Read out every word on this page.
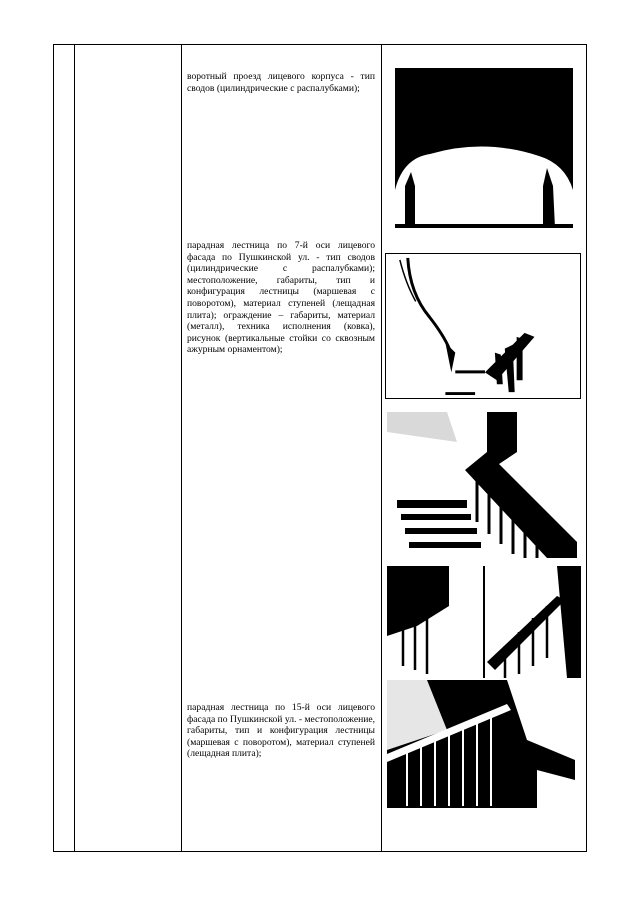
воротный проезд лицевого корпуса - тип сводов (цилиндрические с распалубками);

парадная лестница по 7-й оси лицевого фасада по Пушкинской ул. - тип сводов (цилиндрические с распалубками); местоположение, габариты, тип и конфигурация лестницы (маршевая с поворотом), материал ступеней (лещадная плита); ограждение – габариты, материал (металл), техника исполнения (ковка), рисунок (вертикальные стойки со сквозным ажурным орнаментом);

парадная лестница по 15-й оси лицевого фасада по Пушкинской ул. - местоположение, габариты, тип и конфигурация лестницы (маршевая с поворотом), материал ступеней (лещадная плита);
